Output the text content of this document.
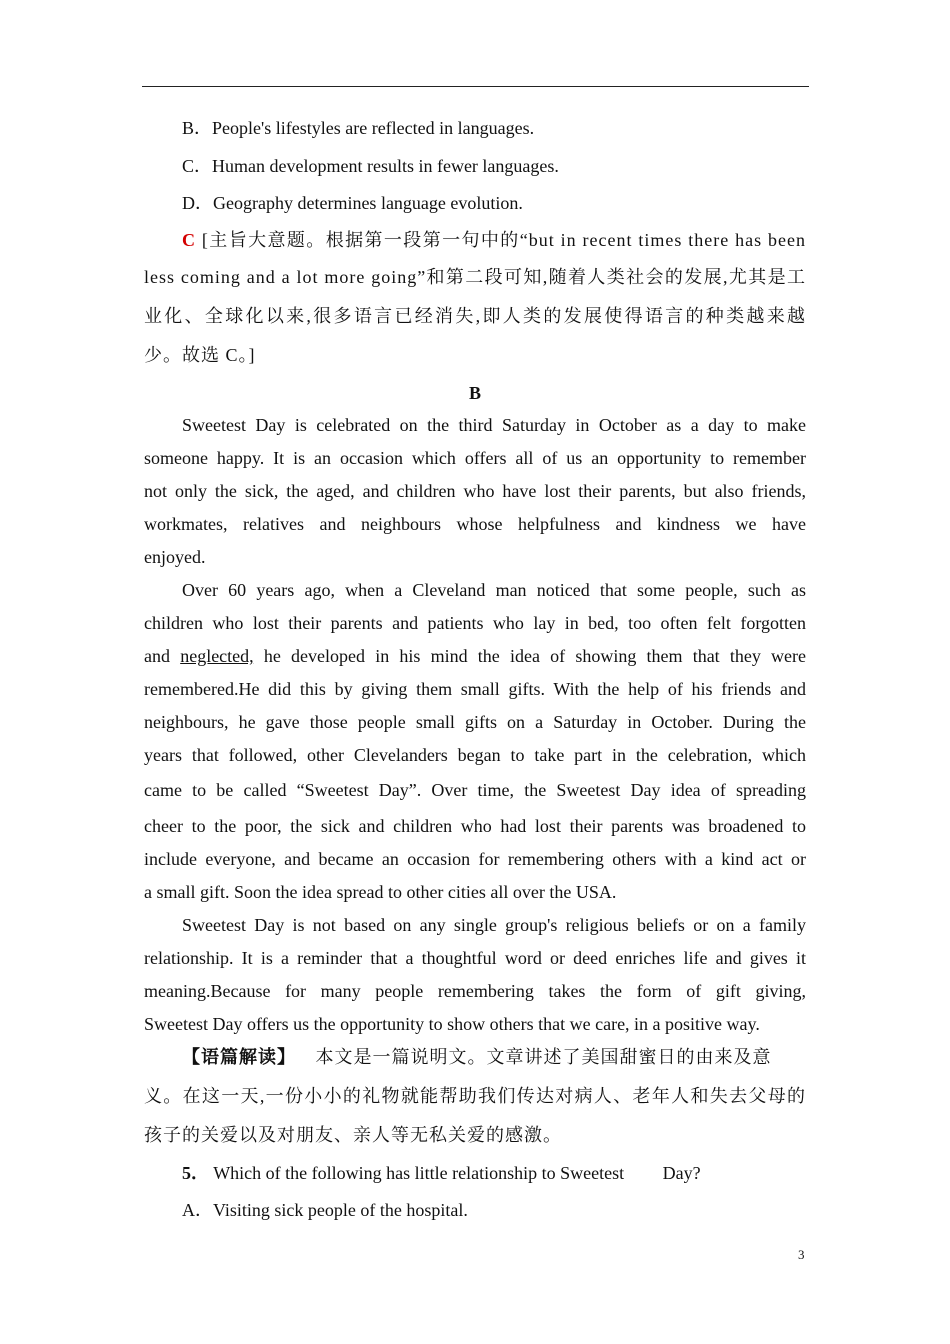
B．People's lifestyles are reflected in languages.
C．Human development results in fewer languages.
D．Geography determines language evolution.
C [主旨大意题。根据第一段第一句中的“but in recent times there has been
less coming and a lot more going”和第二段可知,随着人类社会的发展,尤其是工
业化、全球化以来,很多语言已经消失,即人类的发展使得语言的种类越来越
少。故选 C。]
B
Sweetest Day is celebrated on the third Saturday in October as a day to make
someone happy. It is an occasion which offers all of us an opportunity to remember
not only the sick, the aged, and children who have lost their parents, but also friends,
workmates, relatives and neighbours whose helpfulness and kindness we have
enjoyed.
Over 60 years ago, when a Cleveland man noticed that some people, such as
children who lost their parents and patients who lay in bed, too often felt forgotten
and neglected, he developed in his mind the idea of showing them that they were
remembered.He did this by giving them small gifts. With the help of his friends and
neighbours, he gave those people small gifts on a Saturday in October. During the
years that followed, other Clevelanders began to take part in the celebration, which
came to be called “Sweetest Day”. Over time, the Sweetest Day idea of spreading
cheer to the poor, the sick and children who had lost their parents was broadened to
include everyone, and became an occasion for remembering others with a kind act or
a small gift. Soon the idea spread to other cities all over the USA.
Sweetest Day is not based on any single group's religious beliefs or on a family
relationship. It is a reminder that a thoughtful word or deed enriches life and gives it
meaning.Because for many people remembering takes the form of gift giving,
Sweetest Day offers us the opportunity to show others that we care, in a positive way.
【语篇解读】 本文是一篇说明文。文章讲述了美国甜蜜日的由来及意
义。在这一天,一份小小的礼物就能帮助我们传达对病人、老年人和失去父母的
孩子的关爱以及对朋友、亲人等无私关爱的感激。
5． Which of the following has little relationship to Sweetest Day?
A．Visiting sick people of the hospital.
3
